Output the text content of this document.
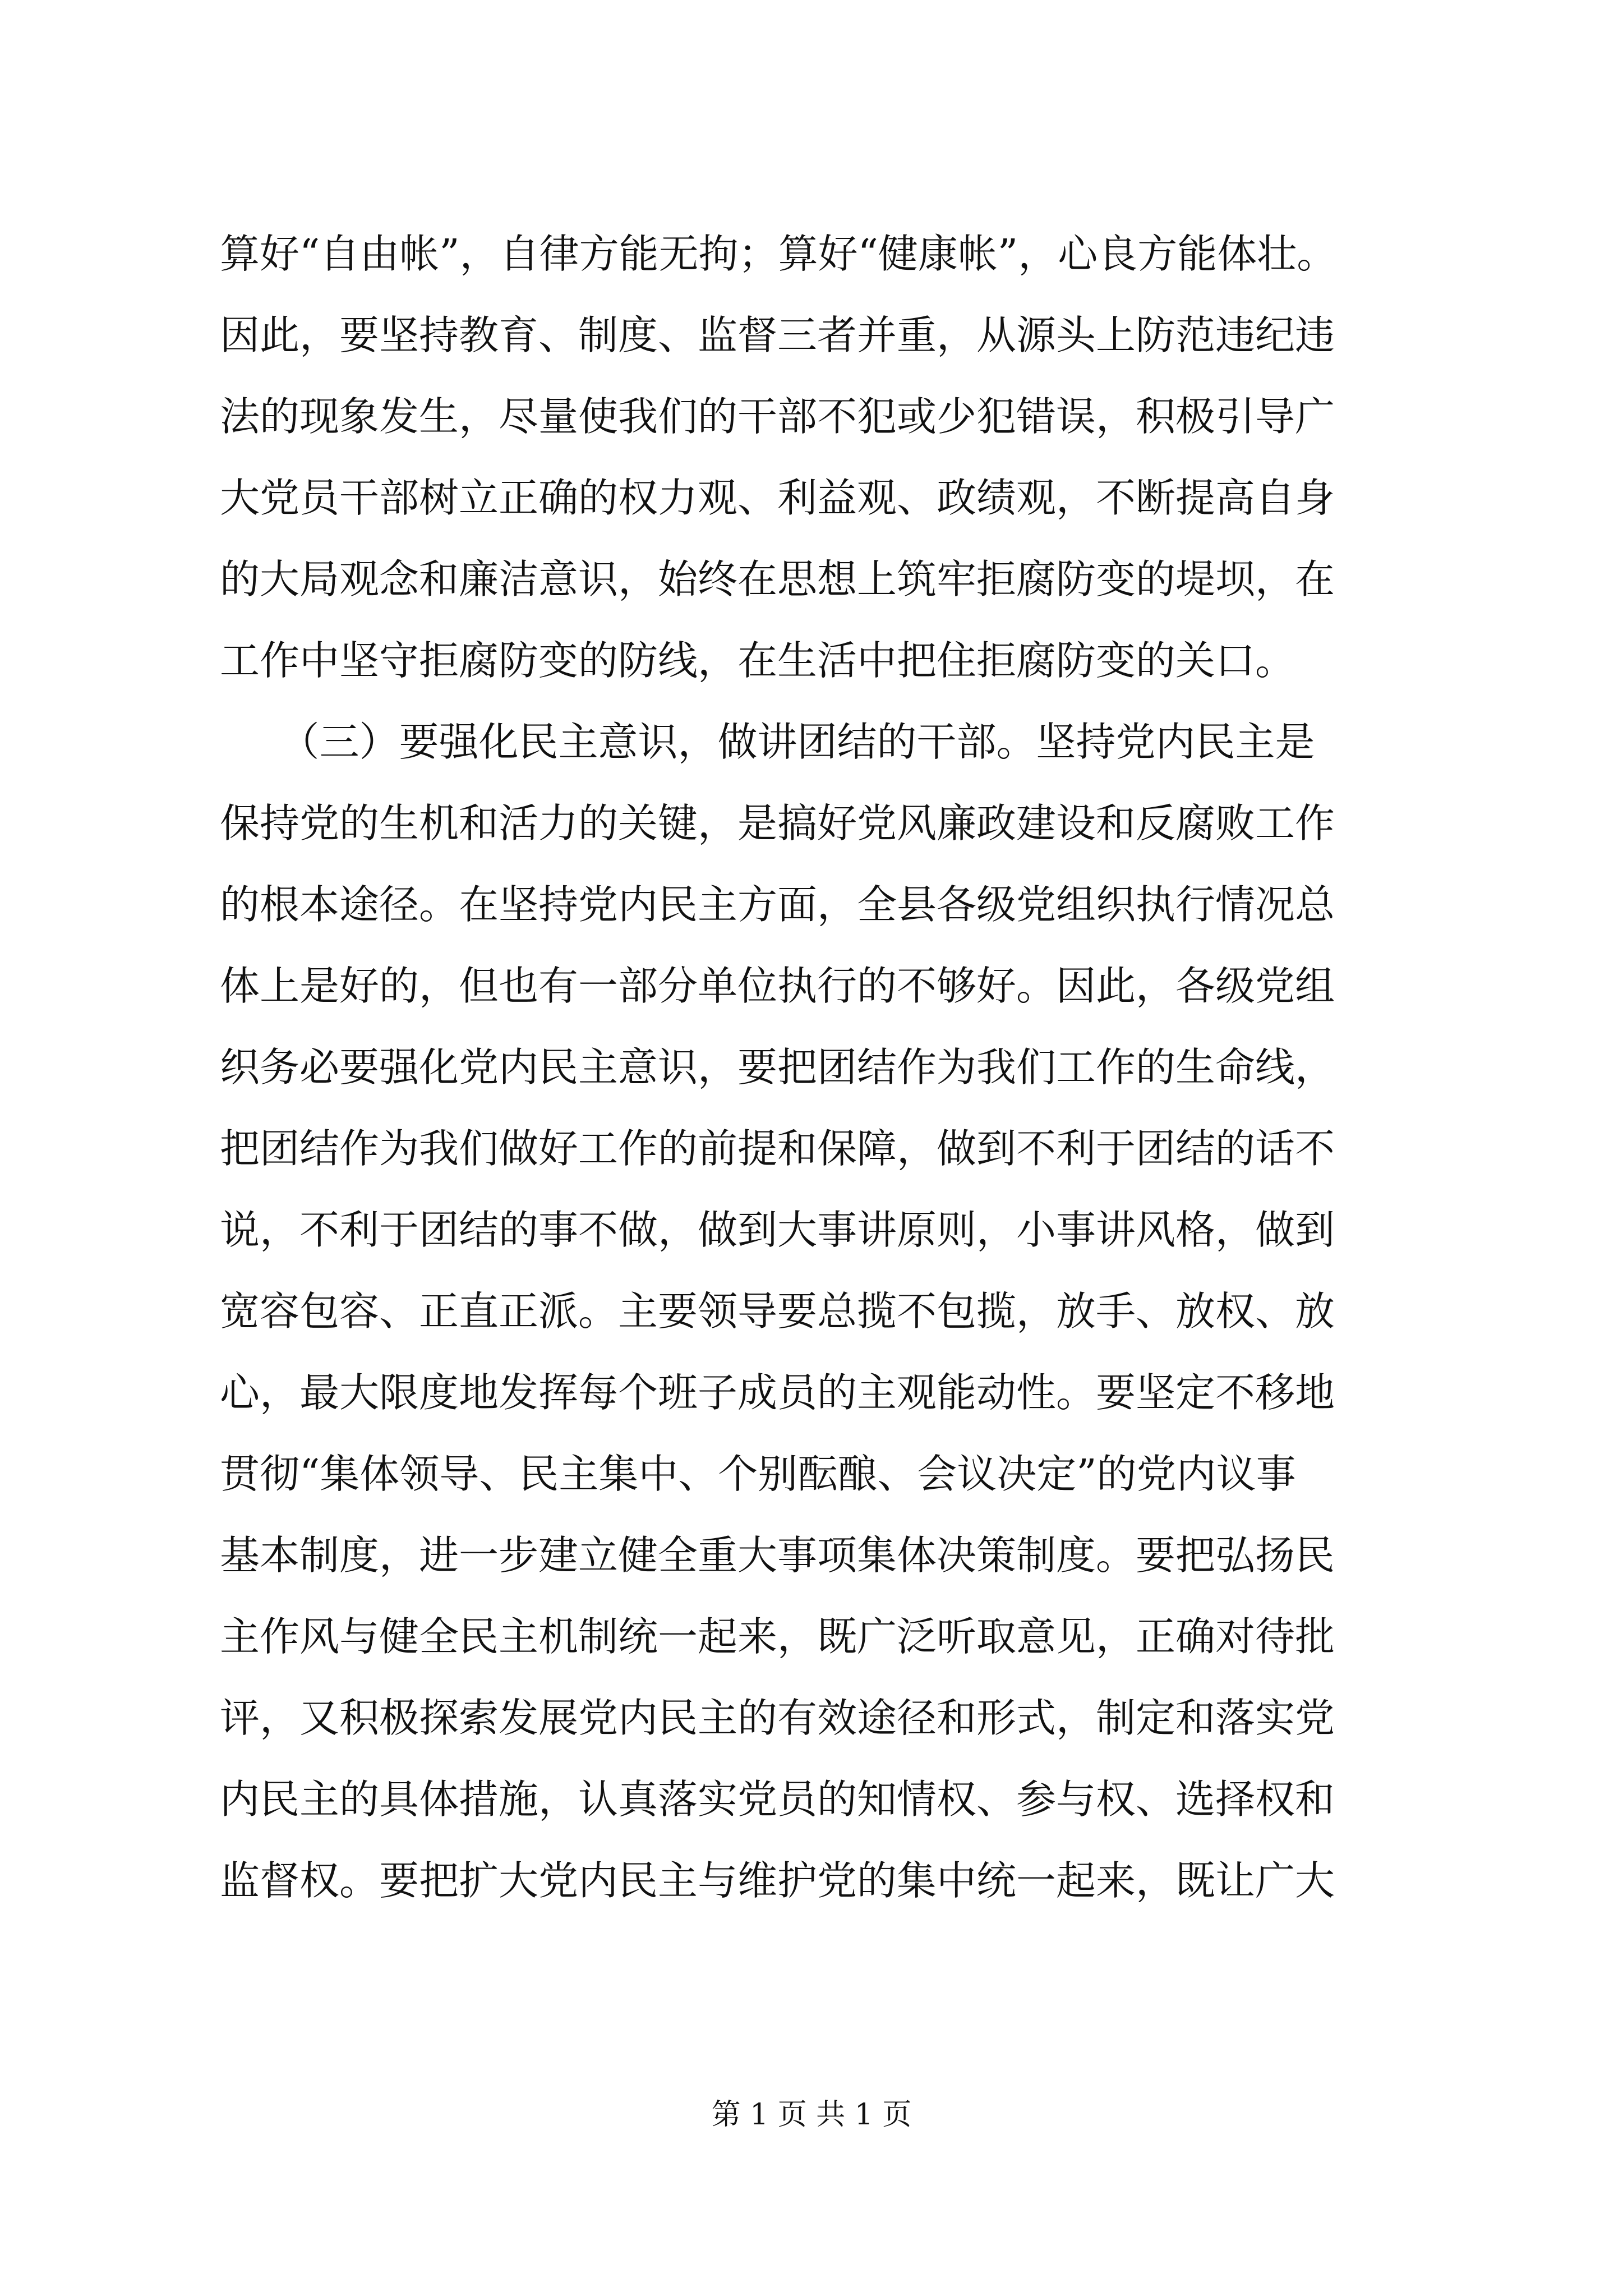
算好“自由帐”，自律方能无拘；算好“健康帐”，心良方能体壮。
因此，要坚持教育、制度、监督三者并重，从源头上防范违纪违
法的现象发生，尽量使我们的干部不犯或少犯错误，积极引导广
大党员干部树立正确的权力观、利益观、政绩观，不断提高自身
的大局观念和廉洁意识，始终在思想上筑牢拒腐防变的堤坝，在
工作中坚守拒腐防变的防线，在生活中把住拒腐防变的关口。
　　（三）要强化民主意识，做讲团结的干部。坚持党内民主是
保持党的生机和活力的关键，是搞好党风廉政建设和反腐败工作
的根本途径。在坚持党内民主方面，全县各级党组织执行情况总
体上是好的，但也有一部分单位执行的不够好。因此，各级党组
织务必要强化党内民主意识，要把团结作为我们工作的生命线，
把团结作为我们做好工作的前提和保障，做到不利于团结的话不
说，不利于团结的事不做，做到大事讲原则，小事讲风格，做到
宽容包容、正直正派。主要领导要总揽不包揽，放手、放权、放
心，最大限度地发挥每个班子成员的主观能动性。要坚定不移地
贯彻“集体领导、民主集中、个别酝酿、会议决定”的党内议事
基本制度，进一步建立健全重大事项集体决策制度。要把弘扬民
主作风与健全民主机制统一起来，既广泛听取意见，正确对待批
评，又积极探索发展党内民主的有效途径和形式，制定和落实党
内民主的具体措施，认真落实党员的知情权、参与权、选择权和
监督权。要把扩大党内民主与维护党的集中统一起来，既让广大
第 1 页 共 1 页
